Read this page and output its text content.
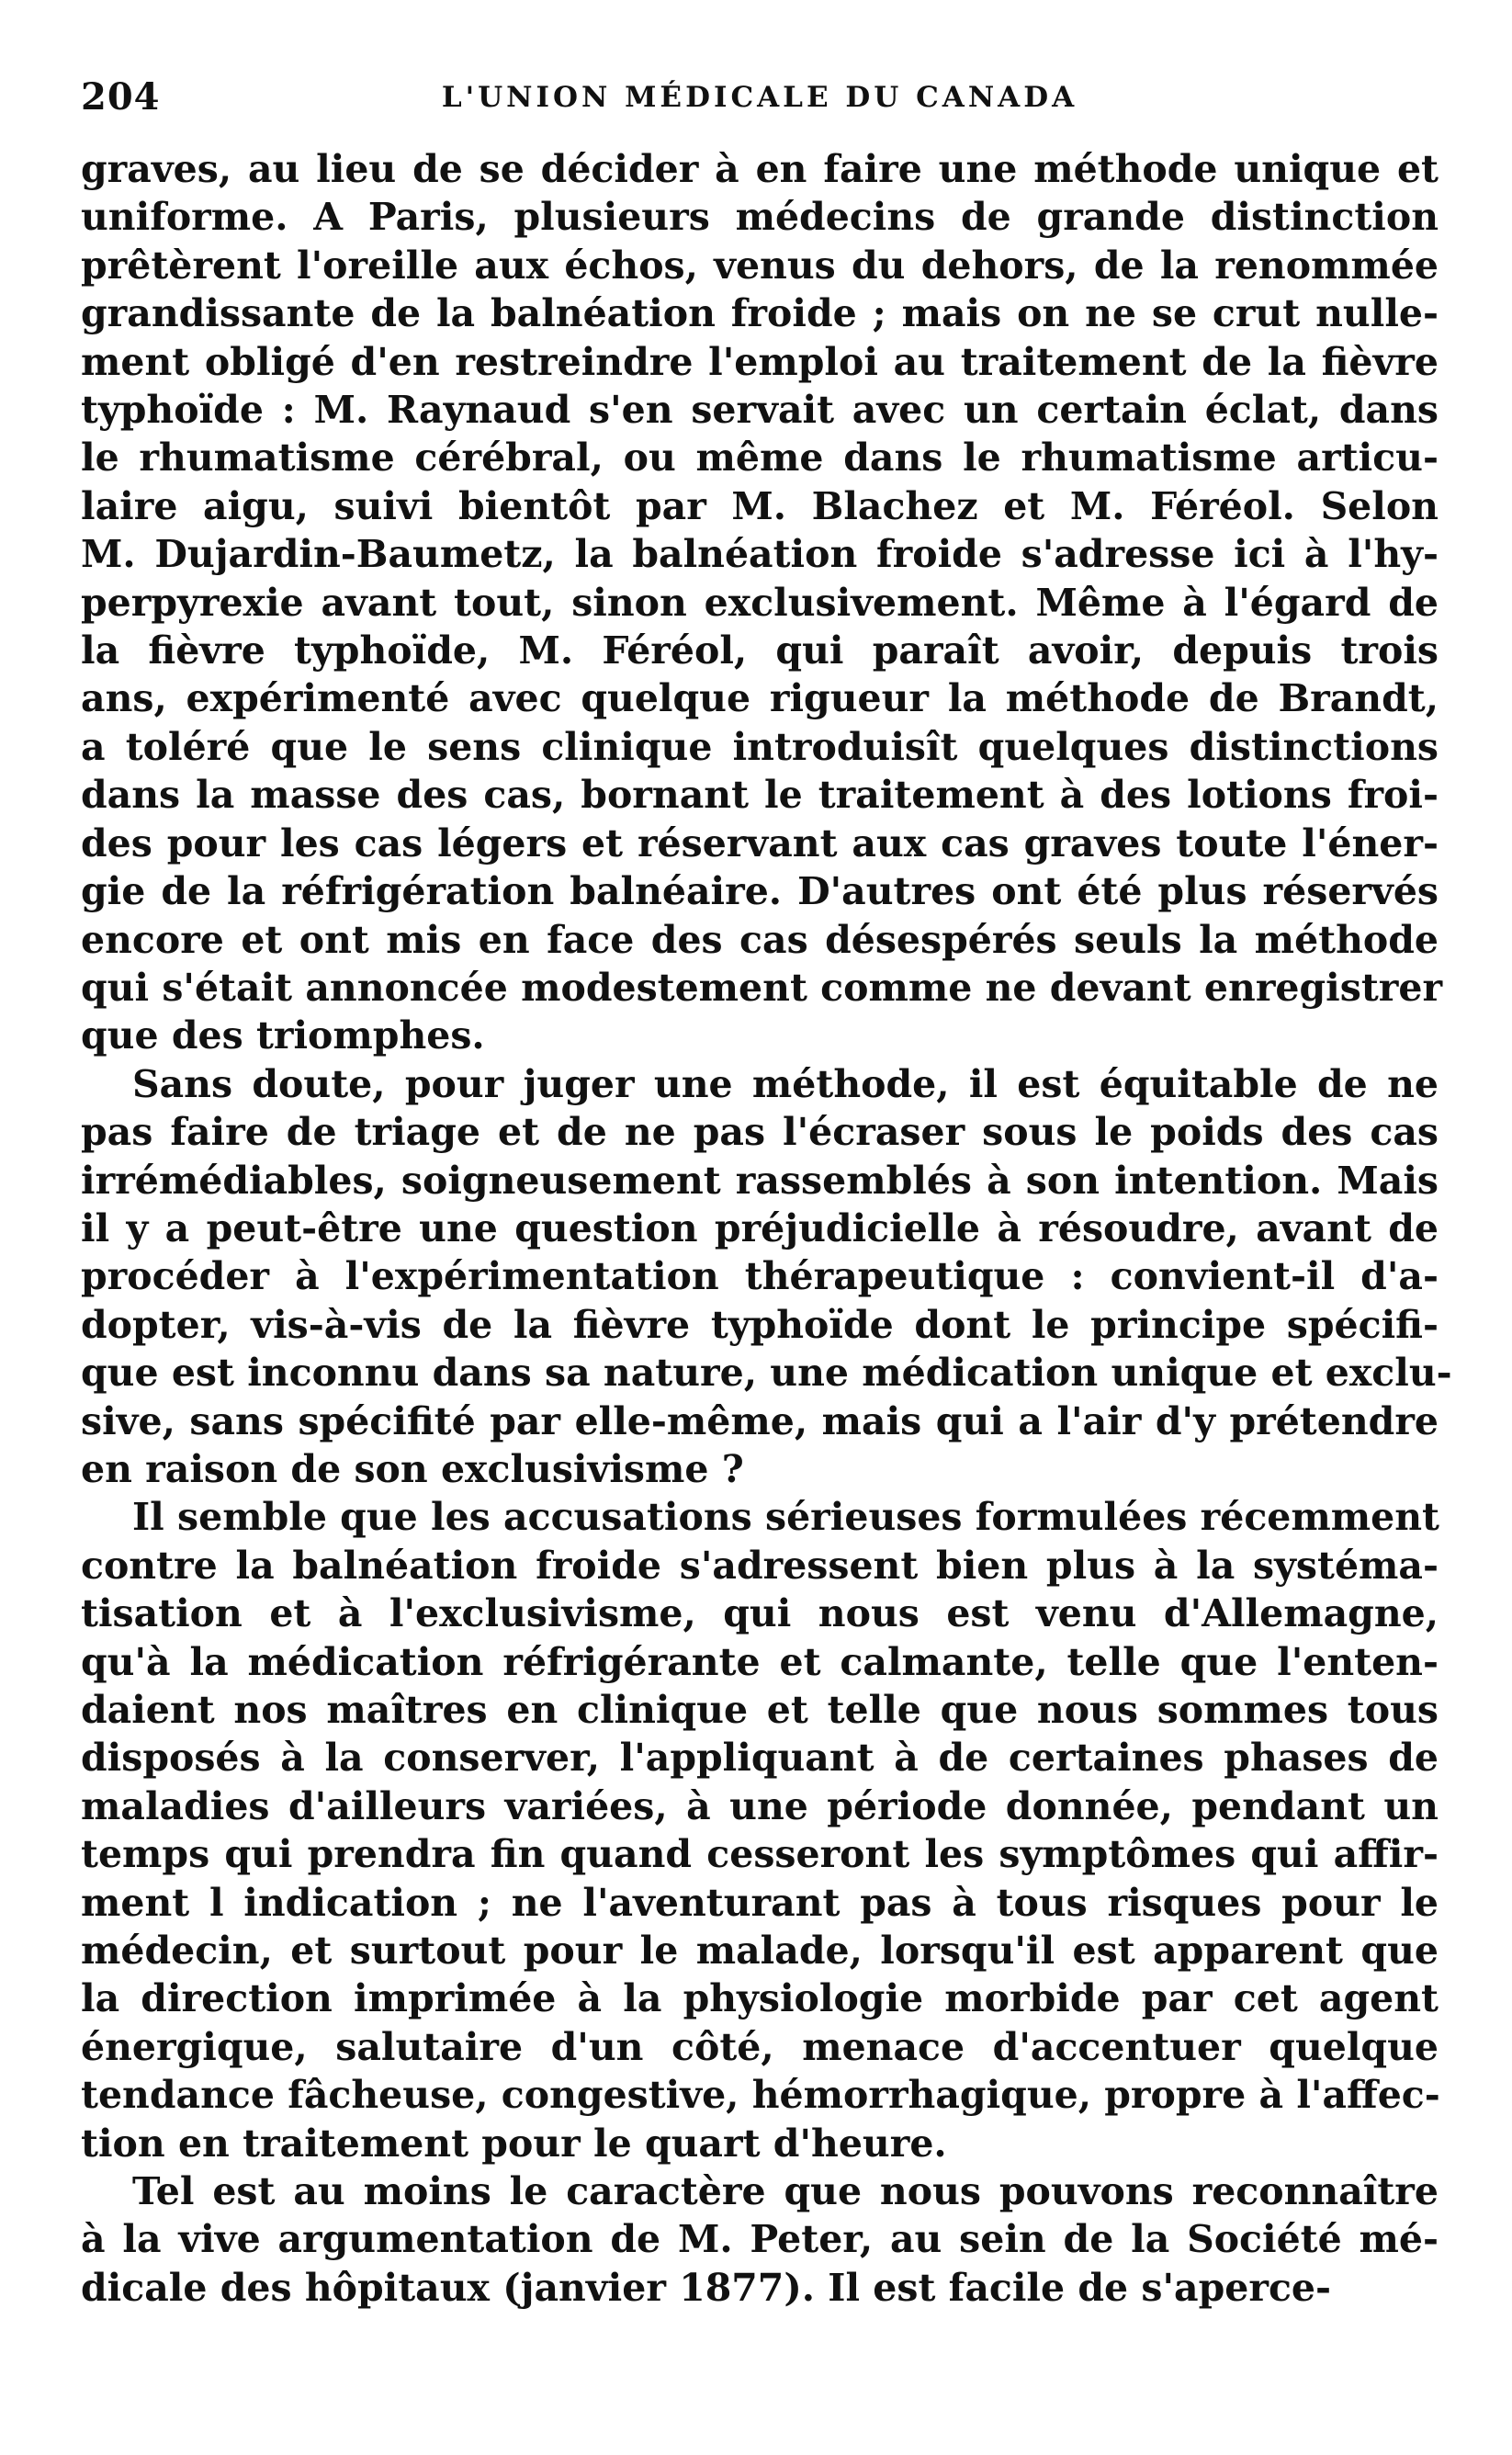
204	L'UNION MÉDICALE DU CANADA
graves, au lieu de se décider à en faire une méthode unique et
uniforme. A Paris, plusieurs médecins de grande distinction
prêtèrent l'oreille aux échos, venus du dehors, de la renommée
grandissante de la balnéation froide ; mais on ne se crut nulle-
ment obligé d'en restreindre l'emploi au traitement de la fièvre
typhoïde : M. Raynaud s'en servait avec un certain éclat, dans
le rhumatisme cérébral, ou même dans le rhumatisme articu-
laire aigu, suivi bientôt par M. Blachez et M. Féréol. Selon
M. Dujardin-Baumetz, la balnéation froide s'adresse ici à l'hy-
perpyrexie avant tout, sinon exclusivement. Même à l'égard de
la fièvre typhoïde, M. Féréol, qui paraît avoir, depuis trois
ans, expérimenté avec quelque rigueur la méthode de Brandt,
a toléré que le sens clinique introduisît quelques distinctions
dans la masse des cas, bornant le traitement à des lotions froi-
des pour les cas légers et réservant aux cas graves toute l'éner-
gie de la réfrigération balnéaire. D'autres ont été plus réservés
encore et ont mis en face des cas désespérés seuls la méthode
qui s'était annoncée modestement comme ne devant enregistrer
que des triomphes.
Sans doute, pour juger une méthode, il est équitable de ne
pas faire de triage et de ne pas l'écraser sous le poids des cas
irrémédiables, soigneusement rassemblés à son intention. Mais
il y a peut-être une question préjudicielle à résoudre, avant de
procéder à l'expérimentation thérapeutique : convient-il d'a-
dopter, vis-à-vis de la fièvre typhoïde dont le principe spécifi-
que est inconnu dans sa nature, une médication unique et exclu-
sive, sans spécifité par elle-même, mais qui a l'air d'y prétendre
en raison de son exclusivisme ?
Il semble que les accusations sérieuses formulées récemment
contre la balnéation froide s'adressent bien plus à la systéma-
tisation et à l'exclusivisme, qui nous est venu d'Allemagne,
qu'à la médication réfrigérante et calmante, telle que l'enten-
daient nos maîtres en clinique et telle que nous sommes tous
disposés à la conserver, l'appliquant à de certaines phases de
maladies d'ailleurs variées, à une période donnée, pendant un
temps qui prendra fin quand cesseront les symptômes qui affir-
ment l indication ; ne l'aventurant pas à tous risques pour le
médecin, et surtout pour le malade, lorsqu'il est apparent que
la direction imprimée à la physiologie morbide par cet agent
énergique, salutaire d'un côté, menace d'accentuer quelque
tendance fâcheuse, congestive, hémorrhagique, propre à l'affec-
tion en traitement pour le quart d'heure.
Tel est au moins le caractère que nous pouvons reconnaître
à la vive argumentation de M. Peter, au sein de la Société mé-
dicale des hôpitaux (janvier 1877). Il est facile de s'aperce-
